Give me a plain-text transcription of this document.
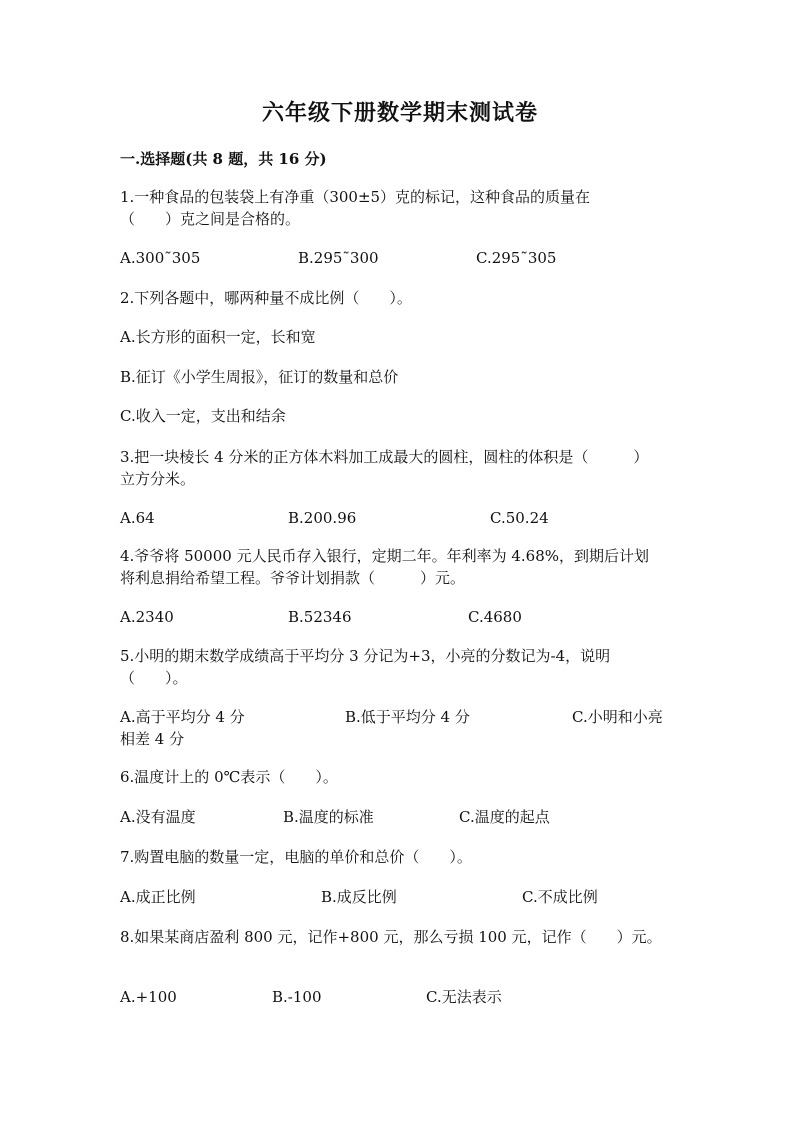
六年级下册数学期末测试卷
一.选择题(共 8 题，共 16 分)
1.一种食品的包装袋上有净重（300±5）克的标记，这种食品的质量在
（　　）克之间是合格的。
A.300˜305	B.295˜300	C.295˜305
2.下列各题中，哪两种量不成比例（　　）。
A.长方形的面积一定，长和宽
B.征订《小学生周报》，征订的数量和总价
C.收入一定，支出和结余
3.把一块棱长 4 分米的正方体木料加工成最大的圆柱，圆柱的体积是（　　　）
立方分米。
A.64	B.200.96	C.50.24
4.爷爷将 50000 元人民币存入银行，定期二年。年利率为 4.68%，到期后计划
将利息捐给希望工程。爷爷计划捐款（　　　）元。
A.2340	B.52346	C.4680
5.小明的期末数学成绩高于平均分 3 分记为+3，小亮的分数记为-4，说明
（　　）。
A.高于平均分 4 分	B.低于平均分 4 分	C.小明和小亮
相差 4 分
6.温度计上的 0℃表示（　　）。
A.没有温度	B.温度的标准	C.温度的起点
7.购置电脑的数量一定，电脑的单价和总价（　　）。
A.成正比例	B.成反比例	C.不成比例
8.如果某商店盈利 800 元，记作+800 元，那么亏损 100 元，记作（　　）元。
A.+100	B.-100	C.无法表示
